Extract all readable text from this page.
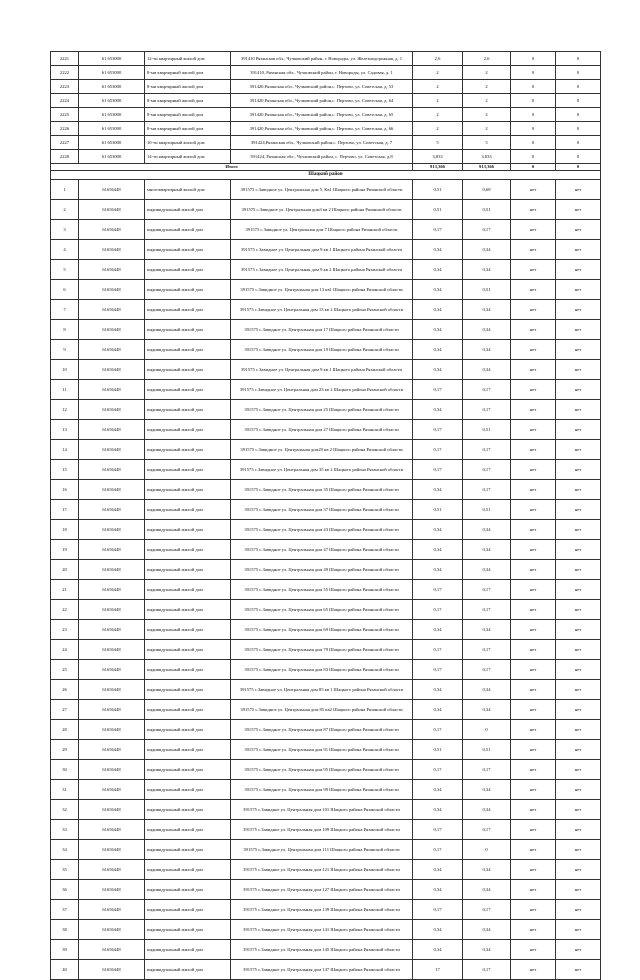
2221	61 653000	12-ти квартирный жилой дом	391410 Рязанская обл., Чучковский район, г. Новороды, ул. Железнодорожная, д. 1	2,6	2,6	0	0
2222	61 653000	8-ми квартирный жилой дом	391410, Рязанская обл., Чучковский район, г. Новороды, ул. Садовая, д. 1	2	2	0	0
2223	61 653000	8-ми квартирный жилой дом	391420,Рязанская обл., Чучковский район,с. Пертово, ул. Советская, д. 53	2	2	0	0
2224	61 653000	8-ми квартирный жилой дом	391420,Рязанская обл., Чучковский район,с. Пертово, ул. Советская, д. 64	2	2	0	0
2225	61 653000	8-ми квартирный жилой дом	391420,Рязанская обл., Чучковский район,с. Пертово, ул. Советская, д. 65	2	2	0	0
2226	61 653000	8-ми квартирный жилой дом	391420,Рязанская обл., Чучковский район,с. Пертово, ул. Советская, д. 66	2	2	0	0
2227	61 653000	10-ти квартирный жилой дом	391424,Рязанская обл., Чучковский район,с. Пертово, ул. Советская, д. 7	5	5	0	0
2228	61 653000	14-ти квартирный жилой дом	391424, Рязанская обл., Чучковский район, с. Пертово, ул. Советская, д.8	3,833	3,833	0	0
Итого				913,366	913,366	0	0
Шацкий район							
1	61656448	многоквартирный жилой дом	391575 с.Завидное ул. Центральная дом 5, Кв1 Шацкого района Рязанской области	0,51	0,68	нет	нет
2	61656448	индивидуальный жилой дом	391575 с.Завидное ул. Центральная дом3 кв 2 Шацкого района Рязанской области	0,51	0,51	нет	нет
3	61656448	индивидуальный жилой дом	391575 с.Завидное ул. Центральная дом 7 Шацкого района Рязанской области	0,17	0,17	нет	нет
4	61656448	индивидуальный жилой дом	391575 с.Завидное ул. Центральная дом 9 кв 1 Шацкого района Рязанской области	0,34	0,34	нет	нет
5	61656448	индивидуальный жилой дом	391575 с.Завидное ул. Центральная дом 9 кв 2 Шацкого района Рязанской области	0,34	0,34	нет	нет
6	61656448	индивидуальный жилой дом	391575 с.Завидное ул. Центральная дом 13 кв1 Шацкого района Рязанской области	0,34	0,51	нет	нет
7	61656448	индивидуальный жилой дом	391575 с.Завидное ул. Центральная дом 13 кв 2 Шацкого района Рязанской области	0,34	0,34	нет	нет
8	61656448	индивидуальный жилой дом	391575 с.Завидное ул. Центральная дом 17 Шацкого района Рязанской области	0,34	0,34	нет	нет
9	61656448	индивидуальный жилой дом	391575 с.Завидное ул. Центральная дом 19 Шацкого района Рязанской области	0,34	0,34	нет	нет
10	61656448	индивидуальный жилой дом	391575 с.Завидное ул. Центральная дом 9 кв 1 Шацкого района Рязанской области	0,34	0,34	нет	нет
11	61656448	индивидуальный жилой дом	391575 с.Завидное ул. Центральная дом 23 кв 2 Шацкого района Рязанской области	0,17	0,17	нет	нет
12	61656448	индивидуальный жилой дом	391575 с.Завидное ул. Центральная дом 25 Шацкого района Рязанской области	0,34	0,17	нет	нет
13	61656448	индивидуальный жилой дом	391575 с.Завидное ул. Центральная дом 27 Шацкого района Рязанской области	0,17	0,51	нет	нет
14	61656448	индивидуальный жилой дом	391575 с.Завидное ул. Центральная дом29 кв 2 Шацкого района Рязанской области	0,17	0,17	нет	нет
15	61656448	индивидуальный жилой дом	391575 с.Завидное ул. Центральная дом 35 кв 2 Шацкого района Рязанской области	0,17	0,17	нет	нет
16	61656448	индивидуальный жилой дом	391575 с.Завидное ул. Центральная дом 35 Шацкого района Рязанской области	0,34	0,17	нет	нет
17	61656448	индивидуальный жилой дом	391575 с.Завидное ул. Центральная дом 37 Шацкого района Рязанской области	0,51	0,51	нет	нет
18	61656448	индивидуальный жилой дом	391575 с.Завидное ул. Центральная дом 43 Шацкого района Рязанской области	0,34	0,34	нет	нет
19	61656448	индивидуальный жилой дом	391575 с.Завидное ул. Центральная дом 47 Шацкого района Рязанской области	0,34	0,34	нет	нет
20	61656448	индивидуальный жилой дом	391575 с.Завидное ул. Центральная дом 49 Шацкого района Рязанской области	0,34	0,34	нет	нет
21	61656448	индивидуальный жилой дом	391575 с.Завидное ул. Центральная дом 55 Шацкого района Рязанской области	0,17	0,17	нет	нет
22	61656448	индивидуальный жилой дом	391575 с.Завидное ул. Центральная дом 65 Шацкого района Рязанской области	0,17	0,17	нет	нет
23	61656448	индивидуальный жилой дом	391575 с.Завидное ул. Центральная дом 69 Шацкого района Рязанской области	0,34	0,34	нет	нет
24	61656448	индивидуальный жилой дом	391575 с.Завидное ул. Центральная дом 79 Шацкого района Рязанской области	0,17	0,17	нет	нет
25	61656448	индивидуальный жилой дом	391575 с.Завидное ул. Центральная дом 83 Шацкого района Рязанской области	0,17	0,17	нет	нет
26	61656448	индивидуальный жилой дом	391575 с.Завидное ул. Центральная дом 85 кв 1 Шацкого района Рязанской области	0,34	0,34	нет	нет
27	61656448	индивидуальный жилой дом	391575 с.Завидное ул. Центральная дом 85 кв2 Шацкого района Рязанской области	0,34	0,34	нет	нет
28	61656448	индивидуальный жилой дом	391575 с.Завидное ул. Центральная дом 87 Шацкого района Рязанской области	0,17	0	нет	нет
29	61656448	индивидуальный жилой дом	391575 с.Завидное ул. Центральная дом 91 Шацкого района Рязанской области	0,51	0,51	нет	нет
30	61656448	индивидуальный жилой дом	391575 с.Завидное ул. Центральная дом 95 Шацкого района Рязанской области	0,17	0,17	нет	нет
31	61656448	индивидуальный жилой дом	391575 с.Завидное ул. Центральная дом 99 Шацкого района Рязанской области	0,34	0,34	нет	нет
32	61656448	индивидуальный жилой дом	391575 с.Завидное ул. Центральная дом 101 Шацкого района Рязанской области	0,34	0,34	нет	нет
33	61656448	индивидуальный жилой дом	391575 с.Завидное ул. Центральная дом 109 Шацкого района Рязанской области	0,17	0,17	нет	нет
34	61656448	индивидуальный жилой дом	391575 с.Завидное ул. Центральная дом 111 Шацкого района Рязанской области	0,17	0	нет	нет
35	61656448	индивидуальный жилой дом	391575 с.Завидное ул. Центральная дом 121 Шацкого района Рязанской области	0,34	0,34	нет	нет
36	61656448	индивидуальный жилой дом	391575 с.Завидное ул. Центральная дом 127 Шацкого района Рязанской области	0,34	0,34	нет	нет
37	61656448	индивидуальный жилой дом	391575 с.Завидное ул. Центральная дом 139 Шацкого района Рязанской области	0,17	0,17	нет	нет
38	61656448	индивидуальный жилой дом	391575 с.Завидное ул. Центральная дом 141 Шацкого района Рязанской области	0,34	0,34	нет	нет
39	61656448	индивидуальный жилой дом	391575 с.Завидное ул. Центральная дом 145 Шацкого района Рязанской области	0,34	0,34	нет	нет
40	61656448	индивидуальный жилой дом	391575 с.Завидное ул. Центральная дом 147 Шацкого района Рязанской области	17	0,17	нет	нет
